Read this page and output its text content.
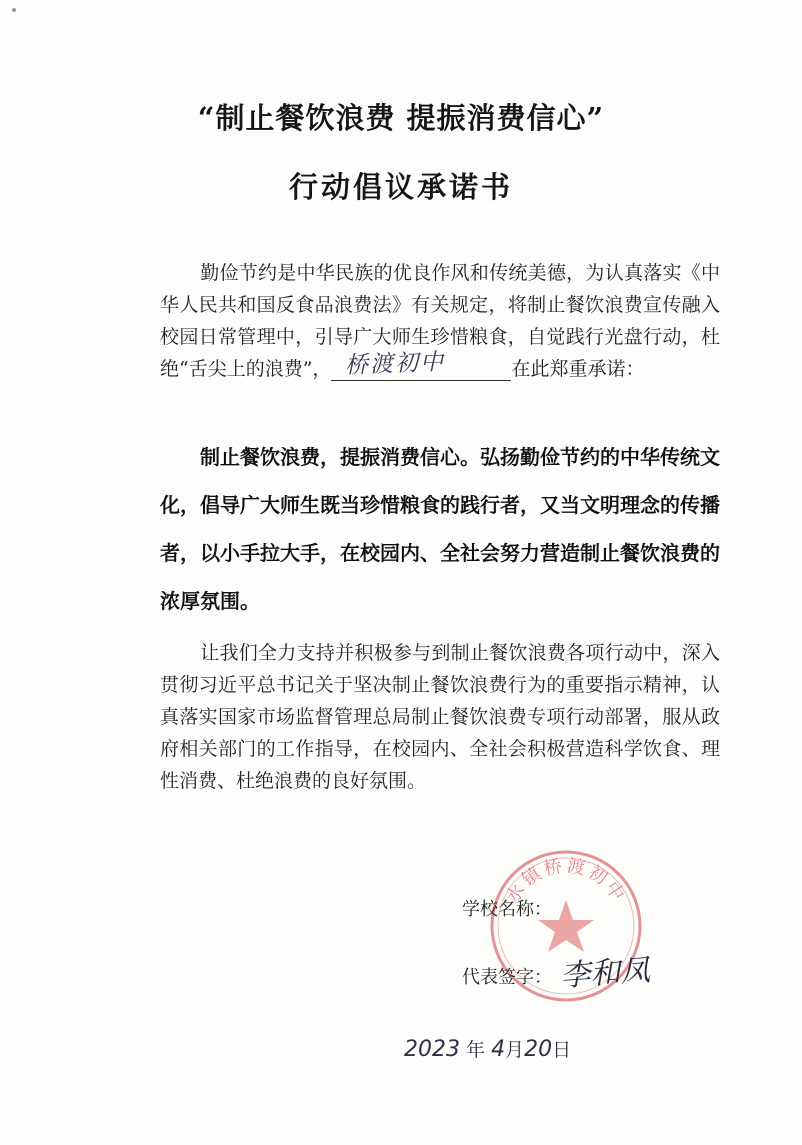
“制止餐饮浪费 提振消费信心”
行动倡议承诺书
勤俭节约是中华民族的优良作风和传统美德，为认真落实《中华人民共和国反食品浪费法》有关规定，将制止餐饮浪费宣传融入校园日常管理中，引导广大师生珍惜粮食，自觉践行光盘行动，杜绝“舌尖上的浪费”， 桥渡初中	在此郑重承诺：
制止餐饮浪费，提振消费信心。弘扬勤俭节约的中华传统文化，倡导广大师生既当珍惜粮食的践行者，又当文明理念的传播者，以小手拉大手，在校园内、全社会努力营造制止餐饮浪费的浓厚氛围。
让我们全力支持并积极参与到制止餐饮浪费各项行动中，深入贯彻习近平总书记关于坚决制止餐饮浪费行为的重要指示精神，认真落实国家市场监督管理总局制止餐饮浪费专项行动部署，服从政府相关部门的工作指导，在校园内、全社会积极营造科学饮食、理性消费、杜绝浪费的良好氛围。
水镇桥渡初中
学校名称：
代表签字： 李和凤
2023 年 4月20日
